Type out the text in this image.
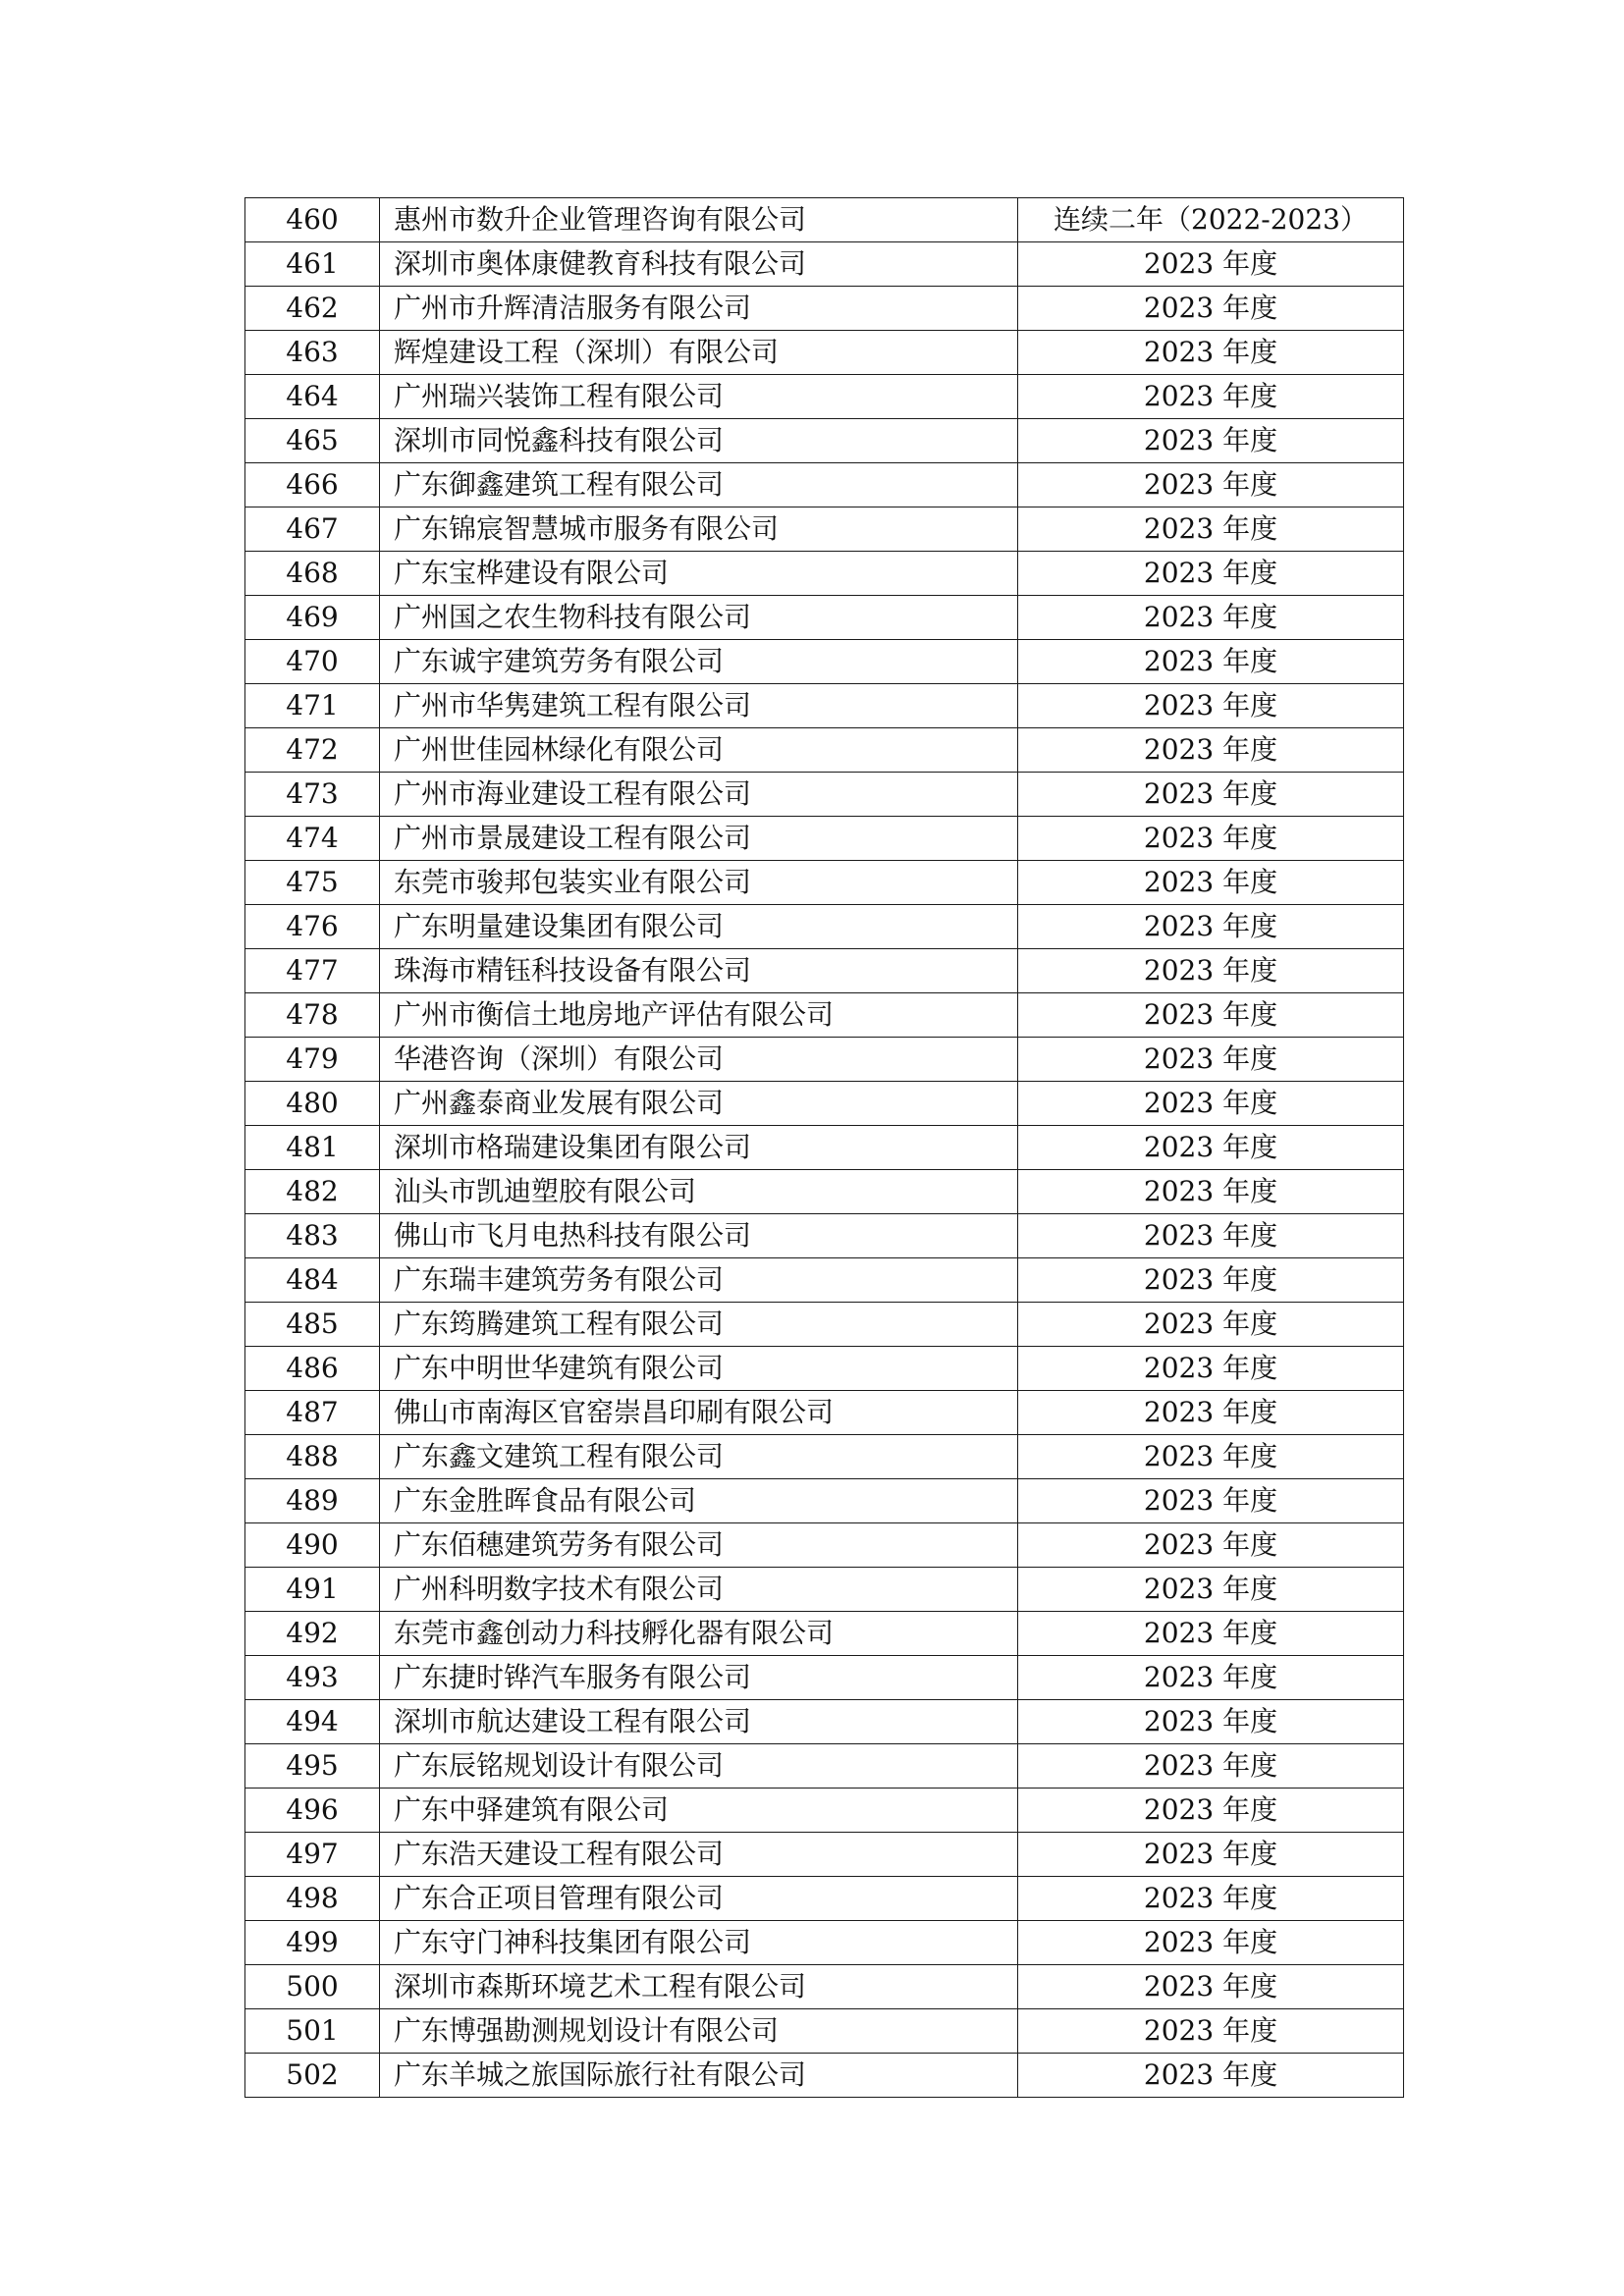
460	惠州市数升企业管理咨询有限公司	连续二年（2022-2023）
461	深圳市奥体康健教育科技有限公司	2023 年度
462	广州市升辉清洁服务有限公司	2023 年度
463	辉煌建设工程（深圳）有限公司	2023 年度
464	广州瑞兴装饰工程有限公司	2023 年度
465	深圳市同悦鑫科技有限公司	2023 年度
466	广东御鑫建筑工程有限公司	2023 年度
467	广东锦宸智慧城市服务有限公司	2023 年度
468	广东宝桦建设有限公司	2023 年度
469	广州国之农生物科技有限公司	2023 年度
470	广东诚宇建筑劳务有限公司	2023 年度
471	广州市华隽建筑工程有限公司	2023 年度
472	广州世佳园林绿化有限公司	2023 年度
473	广州市海业建设工程有限公司	2023 年度
474	广州市景晟建设工程有限公司	2023 年度
475	东莞市骏邦包装实业有限公司	2023 年度
476	广东明量建设集团有限公司	2023 年度
477	珠海市精钰科技设备有限公司	2023 年度
478	广州市衡信土地房地产评估有限公司	2023 年度
479	华港咨询（深圳）有限公司	2023 年度
480	广州鑫泰商业发展有限公司	2023 年度
481	深圳市格瑞建设集团有限公司	2023 年度
482	汕头市凯迪塑胶有限公司	2023 年度
483	佛山市飞月电热科技有限公司	2023 年度
484	广东瑞丰建筑劳务有限公司	2023 年度
485	广东筠腾建筑工程有限公司	2023 年度
486	广东中明世华建筑有限公司	2023 年度
487	佛山市南海区官窑崇昌印刷有限公司	2023 年度
488	广东鑫文建筑工程有限公司	2023 年度
489	广东金胜晖食品有限公司	2023 年度
490	广东佰穗建筑劳务有限公司	2023 年度
491	广州科明数字技术有限公司	2023 年度
492	东莞市鑫创动力科技孵化器有限公司	2023 年度
493	广东捷时铧汽车服务有限公司	2023 年度
494	深圳市航达建设工程有限公司	2023 年度
495	广东辰铭规划设计有限公司	2023 年度
496	广东中驿建筑有限公司	2023 年度
497	广东浩天建设工程有限公司	2023 年度
498	广东合正项目管理有限公司	2023 年度
499	广东守门神科技集团有限公司	2023 年度
500	深圳市森斯环境艺术工程有限公司	2023 年度
501	广东博强勘测规划设计有限公司	2023 年度
502	广东羊城之旅国际旅行社有限公司	2023 年度
